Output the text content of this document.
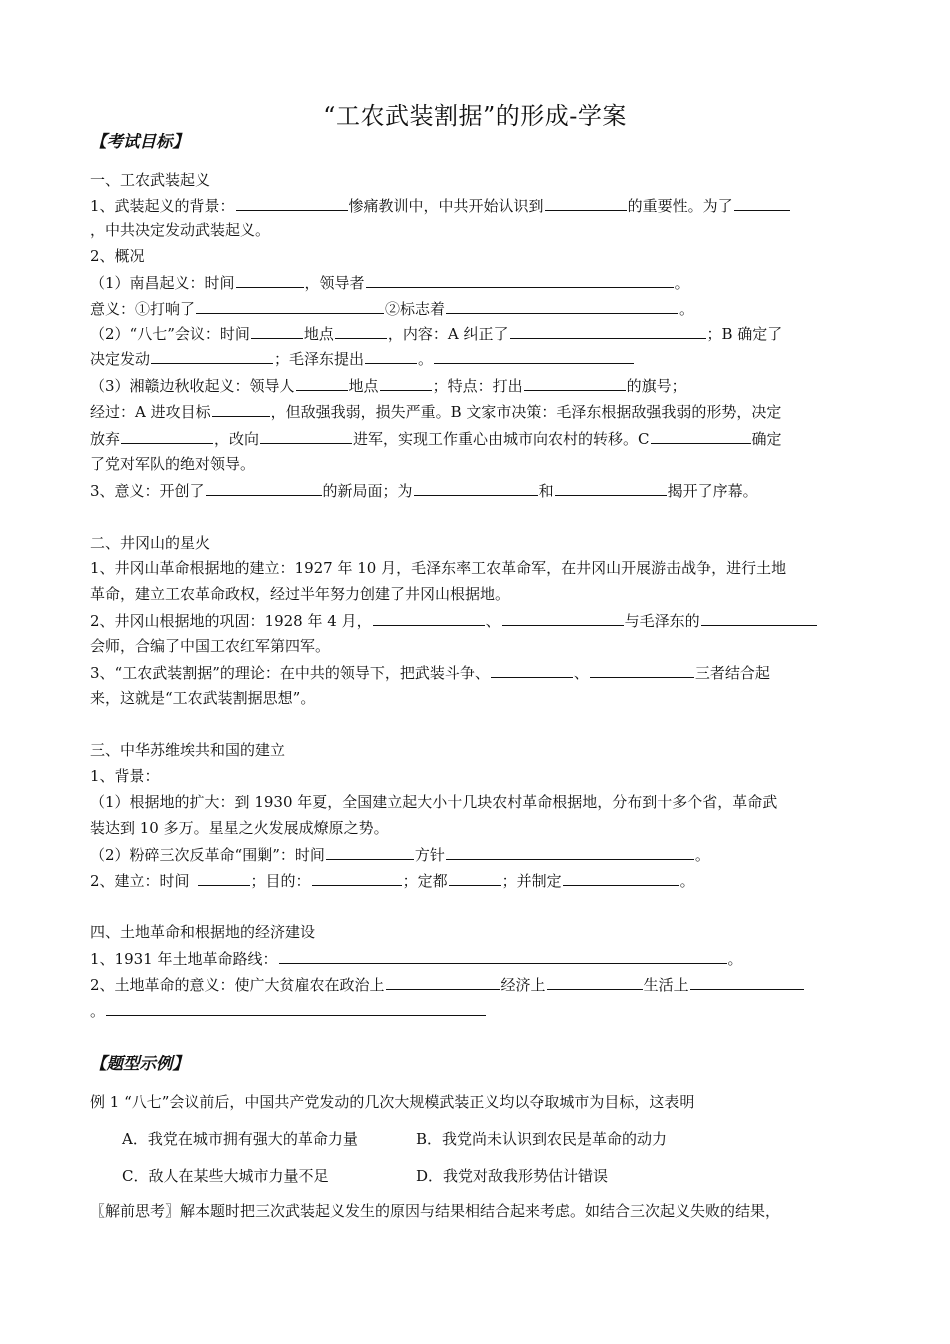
“工农武装割据”的形成-学案
【考试目标】
一、工农武装起义
1、武装起义的背景：	惨痛教训中，中共开始认识到	的重要性。为了
，中共决定发动武装起义。
2、概况
（1）南昌起义：时间	，领导者	。
意义：①打响了	②标志着	。
（2）“八七”会议：时间	地点	，内容：A 纠正了	；B 确定了
决定发动	；毛泽东提出	。
（3）湘赣边秋收起义：领导人	地点	；特点：打出	的旗号；
经过：A 进攻目标	，但敌强我弱，损失严重。B 文家市决策：毛泽东根据敌强我弱的形势，决定
放弃	，改向	进军，实现工作重心由城市向农村的转移。C	确定
了党对军队的绝对领导。
3、意义：开创了	的新局面；为	和	揭开了序幕。
二、井冈山的星火
1、井冈山革命根据地的建立：1927 年 10 月，毛泽东率工农革命军，在井冈山开展游击战争，进行土地
革命，建立工农革命政权，经过半年努力创建了井冈山根据地。
2、井冈山根据地的巩固：1928 年 4 月，	、	与毛泽东的
会师，合编了中国工农红军第四军。
3、“工农武装割据”的理论：在中共的领导下，把武装斗争、	、	三者结合起
来，这就是“工农武装割据思想”。
三、中华苏维埃共和国的建立
1、背景：
（1）根据地的扩大：到 1930 年夏，全国建立起大小十几块农村革命根据地，分布到十多个省，革命武
装达到 10 多万。星星之火发展成燎原之势。
（2）粉碎三次反革命“围剿”：时间	方针	。
2、建立：时间	；目的：	；定都	；并制定	。
四、土地革命和根据地的经济建设
1、1931 年土地革命路线：	。
2、土地革命的意义：使广大贫雇农在政治上	经济上	生活上
。
【题型示例】
例 1 “八七”会议前后，中国共产党发动的几次大规模武装正义均以夺取城市为目标，这表明
A．我党在城市拥有强大的革命力量	B．我党尚未认识到农民是革命的动力
C．敌人在某些大城市力量不足	D．我党对敌我形势估计错误
〖解前思考〗解本题时把三次武装起义发生的原因与结果相结合起来考虑。如结合三次起义失败的结果，
